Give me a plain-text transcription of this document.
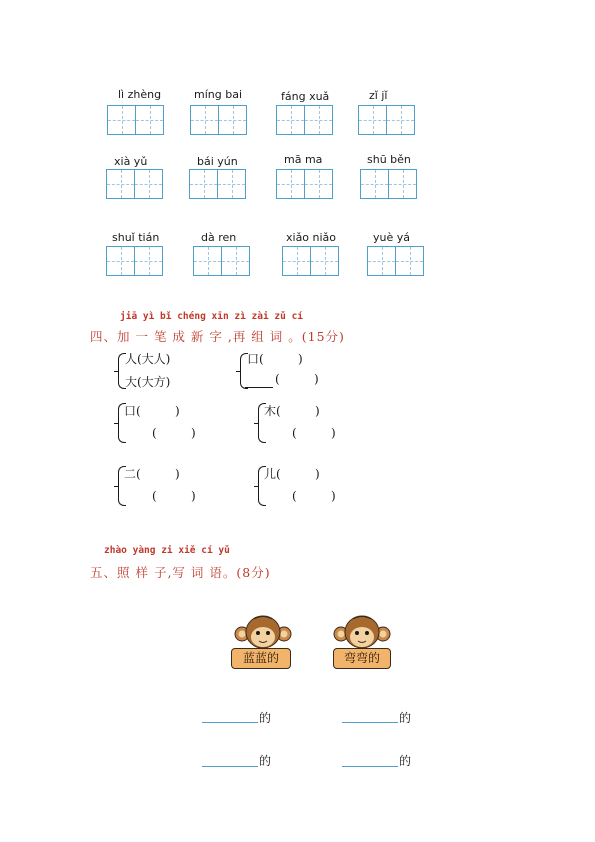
lì zhèng	míng bai	fáng xuǎ	zǐ jǐ
xià yǔ	bái yún	mā ma	shū běn
shuǐ tián	dà ren	xiǎo niǎo	yuè yá
jiā yì bǐ chéng xīn zì zài zǔ cí
四、加 一 笔 成 新 字 ,再 组 词 。(15分)
人(大人)
大(大方)
口(         )
(         )
口(         )
(         )
木(         )
(         )
二(         )
(         )
儿(         )
(         )
zhào yàng zi xiě cí yǔ
五、照 样 子,写 词 语。(8分)
蓝蓝的	弯弯的
的	的
的	的
